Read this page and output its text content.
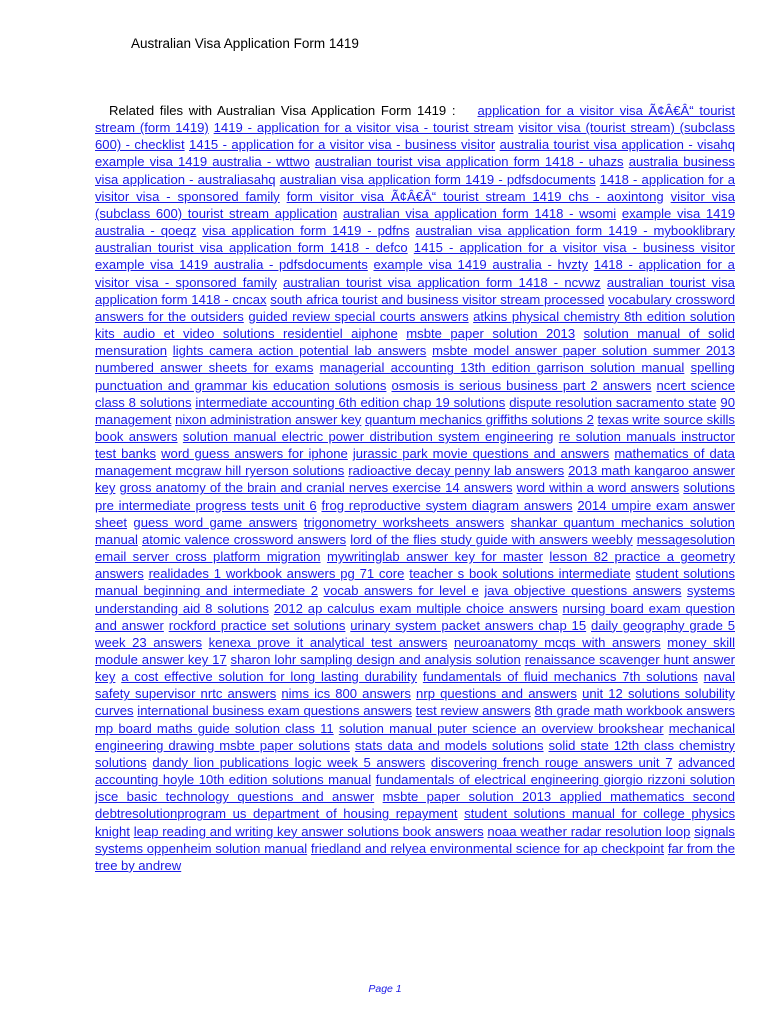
Australian Visa Application Form 1419
Related files with Australian Visa Application Form 1419 : application for a visitor visa Ã¢Â€Â“ tourist stream (form 1419) 1419 - application for a visitor visa - tourist stream visitor visa (tourist stream) (subclass 600) - checklist 1415 - application for a visitor visa - business visitor australia tourist visa application - visahq example visa 1419 australia - wttwo australian tourist visa application form 1418 - uhazs australia business visa application - australiasahq australian visa application form 1419 - pdfsdocuments 1418 - application for a visitor visa - sponsored family form visitor visa Ã¢Â€Â“ tourist stream 1419 chs - aoxintong visitor visa (subclass 600) tourist stream application australian visa application form 1418 - wsomi example visa 1419 australia - qoeqz visa application form 1419 - pdfns australian visa application form 1419 - mybooklibrary australian tourist visa application form 1418 - defco 1415 - application for a visitor visa - business visitor example visa 1419 australia - pdfsdocuments example visa 1419 australia - hvzty 1418 - application for a visitor visa - sponsored family australian tourist visa application form 1418 - ncvwz australian tourist visa application form 1418 - cncax south africa tourist and business visitor stream processed vocabulary crossword answers for the outsiders guided review special courts answers atkins physical chemistry 8th edition solution kits audio et video solutions residentiel aiphone msbte paper solution 2013 solution manual of solid mensuration lights camera action potential lab answers msbte model answer paper solution summer 2013 numbered answer sheets for exams managerial accounting 13th edition garrison solution manual spelling punctuation and grammar kis education solutions osmosis is serious business part 2 answers ncert science class 8 solutions intermediate accounting 6th edition chap 19 solutions dispute resolution sacramento state 90 management nixon administration answer key quantum mechanics griffiths solutions 2 texas write source skills book answers solution manual electric power distribution system engineering re solution manuals instructor test banks word guess answers for iphone jurassic park movie questions and answers mathematics of data management mcgraw hill ryerson solutions radioactive decay penny lab answers 2013 math kangaroo answer key gross anatomy of the brain and cranial nerves exercise 14 answers word within a word answers solutions pre intermediate progress tests unit 6 frog reproductive system diagram answers 2014 umpire exam answer sheet guess word game answers trigonometry worksheets answers shankar quantum mechanics solution manual atomic valence crossword answers lord of the flies study guide with answers weebly messagesolution email server cross platform migration mywritinglab answer key for master lesson 82 practice a geometry answers realidades 1 workbook answers pg 71 core teacher s book solutions intermediate student solutions manual beginning and intermediate 2 vocab answers for level e java objective questions answers systems understanding aid 8 solutions 2012 ap calculus exam multiple choice answers nursing board exam question and answer rockford practice set solutions urinary system packet answers chap 15 daily geography grade 5 week 23 answers kenexa prove it analytical test answers neuroanatomy mcqs with answers money skill module answer key 17 sharon lohr sampling design and analysis solution renaissance scavenger hunt answer key a cost effective solution for long lasting durability fundamentals of fluid mechanics 7th solutions naval safety supervisor nrtc answers nims ics 800 answers nrp questions and answers unit 12 solutions solubility curves international business exam questions answers test review answers 8th grade math workbook answers mp board maths guide solution class 11 solution manual puter science an overview brookshear mechanical engineering drawing msbte paper solutions stats data and models solutions solid state 12th class chemistry solutions dandy lion publications logic week 5 answers discovering french rouge answers unit 7 advanced accounting hoyle 10th edition solutions manual fundamentals of electrical engineering giorgio rizzoni solution jsce basic technology questions and answer msbte paper solution 2013 applied mathematics second debtresolutionprogram us department of housing repayment student solutions manual for college physics knight leap reading and writing key answer solutions book answers noaa weather radar resolution loop signals systems oppenheim solution manual friedland and relyea environmental science for ap checkpoint far from the tree by andrew
Page 1
